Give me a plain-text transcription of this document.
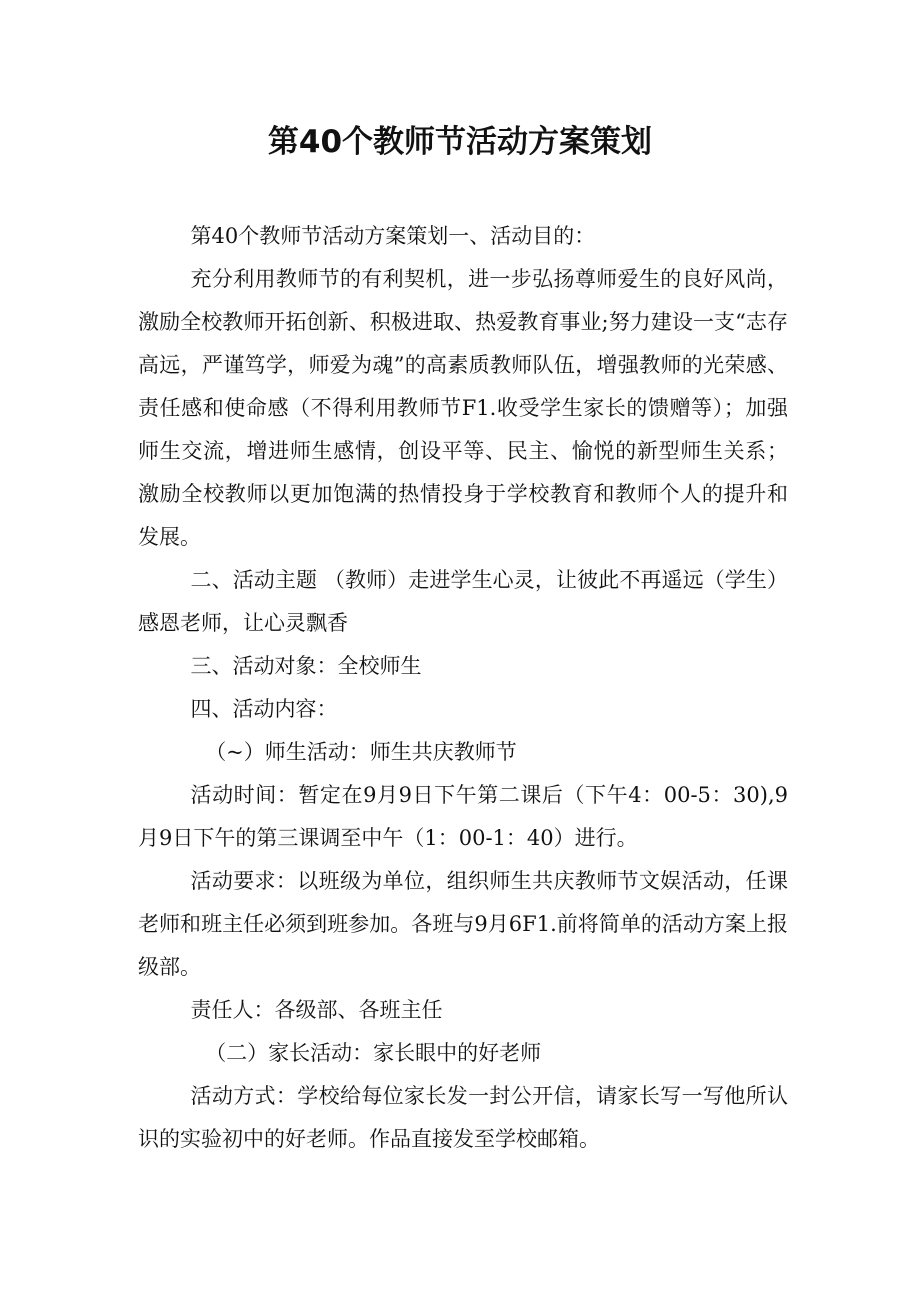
第40个教师节活动方案策划

第40个教师节活动方案策划一、活动目的：

充分利用教师节的有利契机，进一步弘扬尊师爱生的良好风尚，激励全校教师开拓创新、积极进取、热爱教育事业;努力建设一支“志存高远，严谨笃学，师爱为魂”的高素质教师队伍，增强教师的光荣感、责任感和使命感（不得利用教师节F1.收受学生家长的馈赠等）；加强师生交流，增进师生感情，创设平等、民主、愉悦的新型师生关系；激励全校教师以更加饱满的热情投身于学校教育和教师个人的提升和发展。

二、活动主题 （教师）走进学生心灵，让彼此不再遥远（学生）感恩老师，让心灵飘香

三、活动对象：全校师生

四、活动内容：

（~）师生活动：师生共庆教师节

活动时间：暂定在9月9日下午第二课后（下午4：00-5：30),9月9日下午的第三课调至中午（1：00-1：40）进行。

活动要求：以班级为单位，组织师生共庆教师节文娱活动，任课老师和班主任必须到班参加。各班与9月6F1.前将简单的活动方案上报级部。

责任人：各级部、各班主任

（二）家长活动：家长眼中的好老师

活动方式：学校给每位家长发一封公开信，请家长写一写他所认识的实验初中的好老师。作品直接发至学校邮箱。
